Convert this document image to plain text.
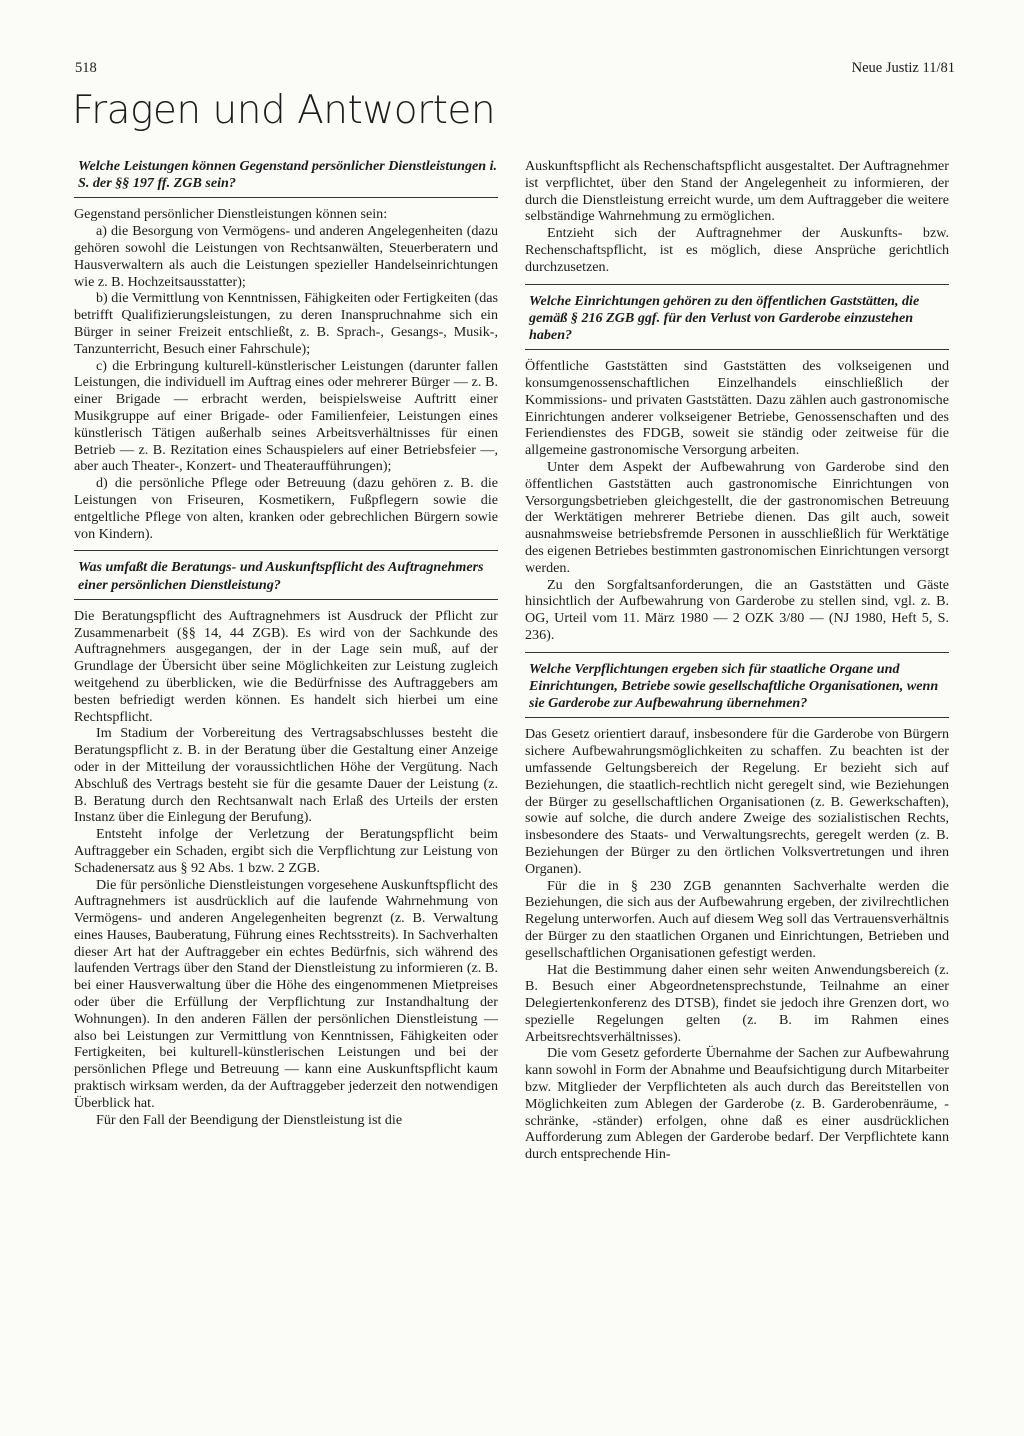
518	Neue Justiz 11/81
Fragen und Antworten

Welche Leistungen können Gegenstand persönlicher Dienstleistungen i. S. der §§ 197 ff. ZGB sein?

Gegenstand persönlicher Dienstleistungen können sein:

a) die Besorgung von Vermögens- und anderen Angelegenheiten (dazu gehören sowohl die Leistungen von Rechtsanwälten, Steuerberatern und Hausverwaltern als auch die Leistungen spezieller Handelseinrichtungen wie z. B. Hochzeitsausstatter);

b) die Vermittlung von Kenntnissen, Fähigkeiten oder Fertigkeiten (das betrifft Qualifizierungsleistungen, zu deren Inanspruchnahme sich ein Bürger in seiner Freizeit entschließt, z. B. Sprach-, Gesangs-, Musik-, Tanzunterricht, Besuch einer Fahrschule);

c) die Erbringung kulturell-künstlerischer Leistungen (darunter fallen Leistungen, die individuell im Auftrag eines oder mehrerer Bürger — z. B. einer Brigade — erbracht werden, beispielsweise Auftritt einer Musikgruppe auf einer Brigade- oder Familienfeier, Leistungen eines künstlerisch Tätigen außerhalb seines Arbeitsverhältnisses für einen Betrieb — z. B. Rezitation eines Schauspielers auf einer Betriebsfeier —, aber auch Theater-, Konzert- und Theateraufführungen);

d) die persönliche Pflege oder Betreuung (dazu gehören z. B. die Leistungen von Friseuren, Kosmetikern, Fußpflegern sowie die entgeltliche Pflege von alten, kranken oder gebrechlichen Bürgern sowie von Kindern).

Was umfaßt die Beratungs- und Auskunftspflicht des Auftragnehmers einer persönlichen Dienstleistung?

Die Beratungspflicht des Auftragnehmers ist Ausdruck der Pflicht zur Zusammenarbeit (§§ 14, 44 ZGB). Es wird von der Sachkunde des Auftragnehmers ausgegangen, der in der Lage sein muß, auf der Grundlage der Übersicht über seine Möglichkeiten zur Leistung zugleich weitgehend zu überblicken, wie die Bedürfnisse des Auftraggebers am besten befriedigt werden können. Es handelt sich hierbei um eine Rechtspflicht.

Im Stadium der Vorbereitung des Vertragsabschlusses besteht die Beratungspflicht z. B. in der Beratung über die Gestaltung einer Anzeige oder in der Mitteilung der voraussichtlichen Höhe der Vergütung. Nach Abschluß des Vertrags besteht sie für die gesamte Dauer der Leistung (z. B. Beratung durch den Rechtsanwalt nach Erlaß des Urteils der ersten Instanz über die Einlegung der Berufung).

Entsteht infolge der Verletzung der Beratungspflicht beim Auftraggeber ein Schaden, ergibt sich die Verpflichtung zur Leistung von Schadenersatz aus § 92 Abs. 1 bzw. 2 ZGB.

Die für persönliche Dienstleistungen vorgesehene Auskunftspflicht des Auftragnehmers ist ausdrücklich auf die laufende Wahrnehmung von Vermögens- und anderen Angelegenheiten begrenzt (z. B. Verwaltung eines Hauses, Bauberatung, Führung eines Rechtsstreits). In Sachverhalten dieser Art hat der Auftraggeber ein echtes Bedürfnis, sich während des laufenden Vertrags über den Stand der Dienstleistung zu informieren (z. B. bei einer Hausverwaltung über die Höhe des eingenommenen Mietpreises oder über die Erfüllung der Verpflichtung zur Instandhaltung der Wohnungen). In den anderen Fällen der persönlichen Dienstleistung — also bei Leistungen zur Vermittlung von Kenntnissen, Fähigkeiten oder Fertigkeiten, bei kulturell-künstlerischen Leistungen und bei der persönlichen Pflege und Betreuung — kann eine Auskunftspflicht kaum praktisch wirksam werden, da der Auftraggeber jederzeit den notwendigen Überblick hat.

Für den Fall der Beendigung der Dienstleistung ist die

Auskunftspflicht als Rechenschaftspflicht ausgestaltet. Der Auftragnehmer ist verpflichtet, über den Stand der Angelegenheit zu informieren, der durch die Dienstleistung erreicht wurde, um dem Auftraggeber die weitere selbständige Wahrnehmung zu ermöglichen.

Entzieht sich der Auftragnehmer der Auskunfts- bzw. Rechenschaftspflicht, ist es möglich, diese Ansprüche gerichtlich durchzusetzen.

Welche Einrichtungen gehören zu den öffentlichen Gaststätten, die gemäß § 216 ZGB ggf. für den Verlust von Garderobe einzustehen haben?

Öffentliche Gaststätten sind Gaststätten des volkseigenen und konsumgenossenschaftlichen Einzelhandels einschließlich der Kommissions- und privaten Gaststätten. Dazu zählen auch gastronomische Einrichtungen anderer volkseigener Betriebe, Genossenschaften und des Feriendienstes des FDGB, soweit sie ständig oder zeitweise für die allgemeine gastronomische Versorgung arbeiten.

Unter dem Aspekt der Aufbewahrung von Garderobe sind den öffentlichen Gaststätten auch gastronomische Einrichtungen von Versorgungsbetrieben gleichgestellt, die der gastronomischen Betreuung der Werktätigen mehrerer Betriebe dienen. Das gilt auch, soweit ausnahmsweise betriebsfremde Personen in ausschließlich für Werktätige des eigenen Betriebes bestimmten gastronomischen Einrichtungen versorgt werden.

Zu den Sorgfaltsanforderungen, die an Gaststätten und Gäste hinsichtlich der Aufbewahrung von Garderobe zu stellen sind, vgl. z. B. OG, Urteil vom 11. März 1980 — 2 OZK 3/80 — (NJ 1980, Heft 5, S. 236).

Welche Verpflichtungen ergeben sich für staatliche Organe und Einrichtungen, Betriebe sowie gesellschaftliche Organisationen, wenn sie Garderobe zur Aufbewahrung übernehmen?

Das Gesetz orientiert darauf, insbesondere für die Garderobe von Bürgern sichere Aufbewahrungsmöglichkeiten zu schaffen. Zu beachten ist der umfassende Geltungsbereich der Regelung. Er bezieht sich auf Beziehungen, die staatlich-rechtlich nicht geregelt sind, wie Beziehungen der Bürger zu gesellschaftlichen Organisationen (z. B. Gewerkschaften), sowie auf solche, die durch andere Zweige des sozialistischen Rechts, insbesondere des Staats- und Verwaltungsrechts, geregelt werden (z. B. Beziehungen der Bürger zu den örtlichen Volksvertretungen und ihren Organen).

Für die in § 230 ZGB genannten Sachverhalte werden die Beziehungen, die sich aus der Aufbewahrung ergeben, der zivilrechtlichen Regelung unterworfen. Auch auf diesem Weg soll das Vertrauensverhältnis der Bürger zu den staatlichen Organen und Einrichtungen, Betrieben und gesellschaftlichen Organisationen gefestigt werden.

Hat die Bestimmung daher einen sehr weiten Anwendungsbereich (z. B. Besuch einer Abgeordnetensprechstunde, Teilnahme an einer Delegiertenkonferenz des DTSB), findet sie jedoch ihre Grenzen dort, wo spezielle Regelungen gelten (z. B. im Rahmen eines Arbeitsrechtsverhältnisses).

Die vom Gesetz geforderte Übernahme der Sachen zur Aufbewahrung kann sowohl in Form der Abnahme und Beaufsichtigung durch Mitarbeiter bzw. Mitglieder der Verpflichteten als auch durch das Bereitstellen von Möglichkeiten zum Ablegen der Garderobe (z. B. Garderobenräume, -schränke, -ständer) erfolgen, ohne daß es einer ausdrücklichen Aufforderung zum Ablegen der Garderobe bedarf. Der Verpflichtete kann durch entsprechende Hin-
